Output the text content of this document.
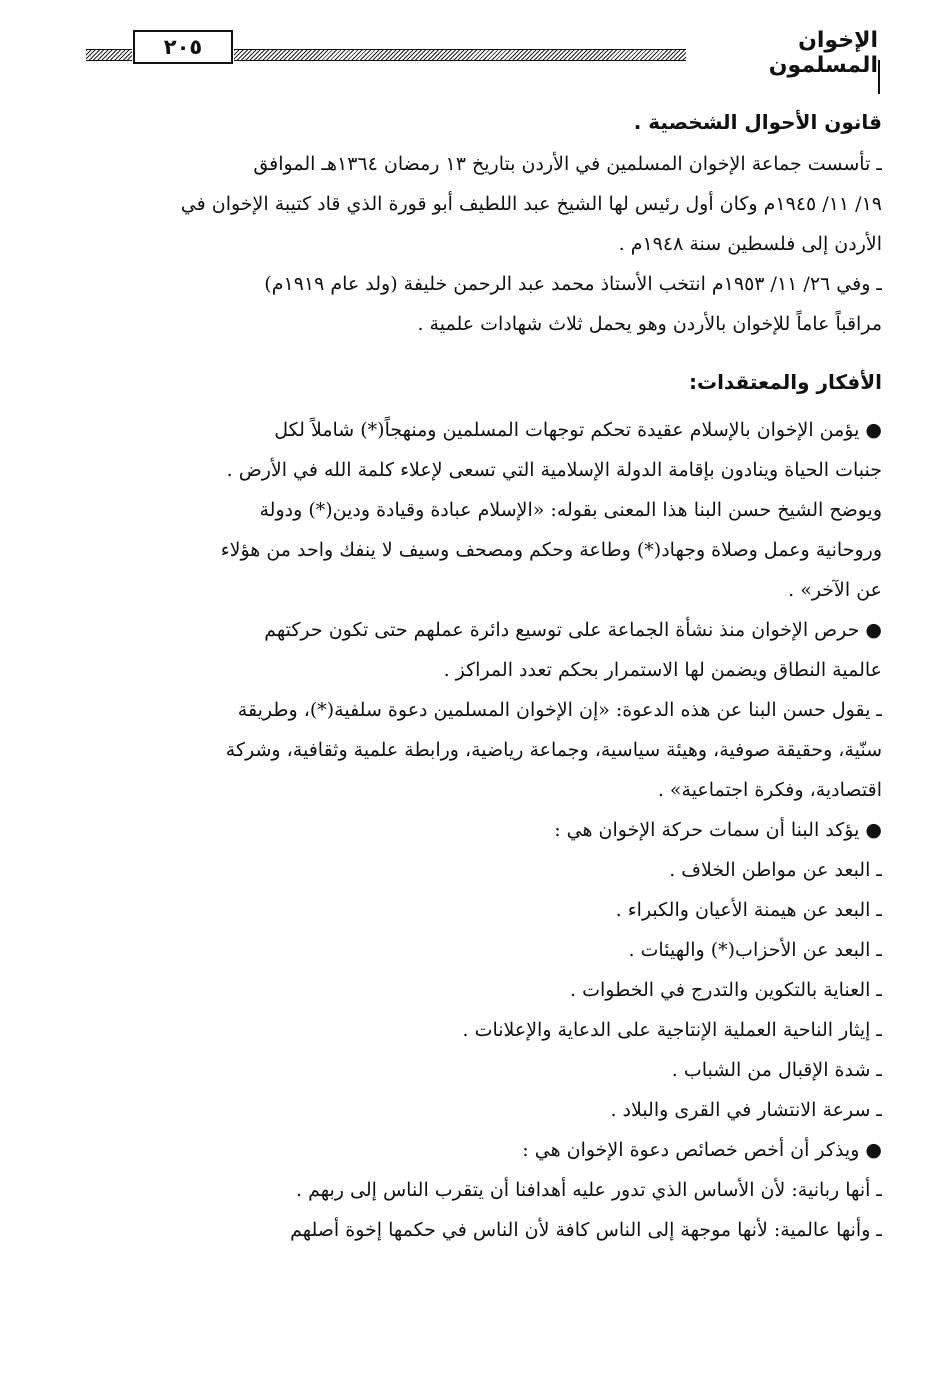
٢٠٥	الإخوان المسلمون
قانون الأحوال الشخصية .
ـ تأسست جماعة الإخوان المسلمين في الأردن بتاريخ ١٣ رمضان ١٣٦٤هـ الموافق
١٩/ ١١/ ١٩٤٥م وكان أول رئيس لها الشيخ عبد اللطيف أبو قورة الذي قاد كتيبة الإخوان في
الأردن إلى فلسطين سنة ١٩٤٨م .
ـ وفي ٢٦/ ١١/ ١٩٥٣م انتخب الأستاذ محمد عبد الرحمن خليفة (ولد عام ١٩١٩م)
مراقباً عاماً للإخوان بالأردن وهو يحمل ثلاث شهادات علمية .
الأفكار والمعتقدات:
● يؤمن الإخوان بالإسلام عقيدة تحكم توجهات المسلمين ومنهجاً(*) شاملاً لكل
جنبات الحياة وينادون بإقامة الدولة الإسلامية التي تسعى لإعلاء كلمة الله في الأرض .
ويوضح الشيخ حسن البنا هذا المعنى بقوله: «الإسلام عبادة وقيادة ودين(*) ودولة
وروحانية وعمل وصلاة وجهاد(*) وطاعة وحكم ومصحف وسيف لا ينفك واحد من هؤلاء
عن الآخر» .
● حرص الإخوان منذ نشأة الجماعة على توسيع دائرة عملهم حتى تكون حركتهم
عالمية النطاق ويضمن لها الاستمرار بحكم تعدد المراكز .
ـ يقول حسن البنا عن هذه الدعوة: «إن الإخوان المسلمين دعوة سلفية(*)، وطريقة
سنّية، وحقيقة صوفية، وهيئة سياسية، وجماعة رياضية، ورابطة علمية وثقافية، وشركة
اقتصادية، وفكرة اجتماعية» .
● يؤكد البنا أن سمات حركة الإخوان هي :
ـ البعد عن مواطن الخلاف .
ـ البعد عن هيمنة الأعيان والكبراء .
ـ البعد عن الأحزاب(*) والهيئات .
ـ العناية بالتكوين والتدرج في الخطوات .
ـ إيثار الناحية العملية الإنتاجية على الدعاية والإعلانات .
ـ شدة الإقبال من الشباب .
ـ سرعة الانتشار في القرى والبلاد .
● ويذكر أن أخص خصائص دعوة الإخوان هي :
ـ أنها ربانية: لأن الأساس الذي تدور عليه أهدافنا أن يتقرب الناس إلى ربهم .
ـ وأنها عالمية: لأنها موجهة إلى الناس كافة لأن الناس في حكمها إخوة أصلهم
